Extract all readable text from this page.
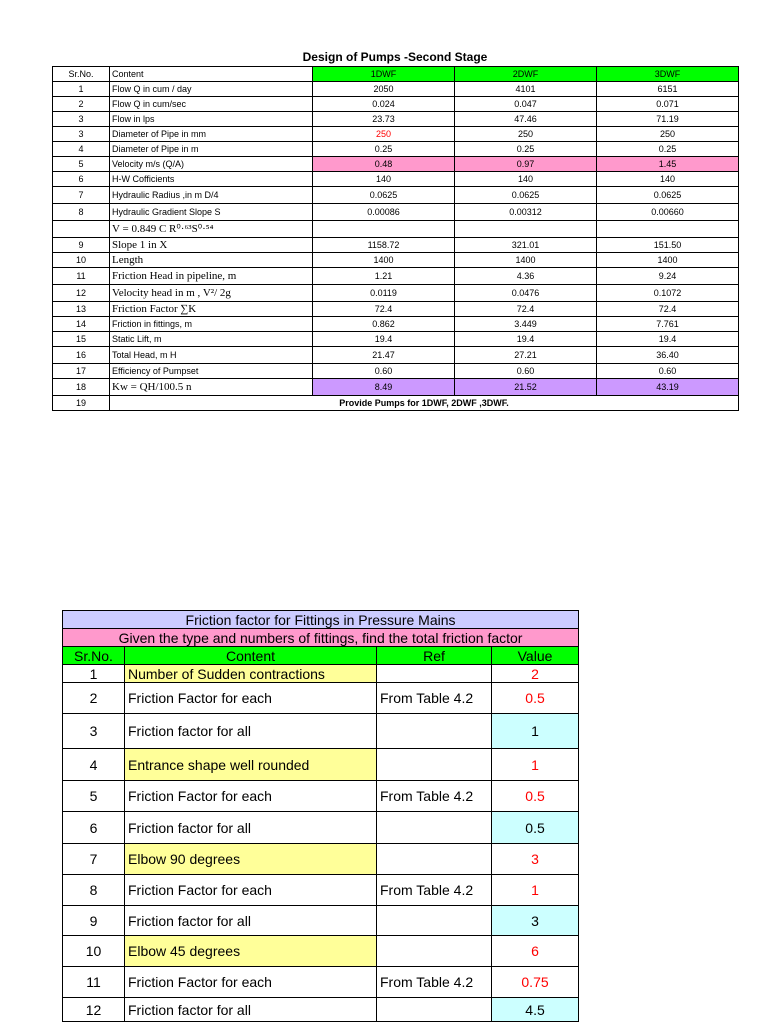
Design of Pumps -Second Stage
Sr.No.	Content	1DWF	2DWF	3DWF
1	Flow Q in cum / day	2050	4101	6151
2	Flow Q in cum/sec	0.024	0.047	0.071
3	Flow in lps	23.73	47.46	71.19
3	Diameter of Pipe in mm	250	250	250
4	Diameter of Pipe in m	0.25	0.25	0.25
5	Velocity m/s (Q/A)	0.48	0.97	1.45
6	H-W Cofficients	140	140	140
7	Hydraulic Radius ,in m D/4	0.0625	0.0625	0.0625
8	Hydraulic Gradient Slope S	0.00086	0.00312	0.00660
	V = 0.849 C R⁰·⁶³S⁰·⁵⁴			
9	Slope 1 in X	1158.72	321.01	151.50
10	Length	1400	1400	1400
11	Friction Head in pipeline, m	1.21	4.36	9.24
12	Velocity head in m , V²/ 2g	0.0119	0.0476	0.1072
13	Friction Factor ∑K	72.4	72.4	72.4
14	Friction in fittings, m	0.862	3.449	7.761
15	Static Lift, m	19.4	19.4	19.4
16	Total Head, m H	21.47	27.21	36.40
17	Efficiency of Pumpset	0.60	0.60	0.60
18	Kw = QH/100.5 n	8.49	21.52	43.19
19	Provide Pumps for 1DWF, 2DWF ,3DWF.			
Friction factor for Fittings in Pressure Mains			
Given the type and numbers of fittings, find the total friction factor			
Sr.No.	Content	Ref	Value
1	Number of Sudden contractions		2
2	Friction Factor for each	From Table 4.2	0.5
3	Friction factor for all		1
4	Entrance shape well rounded		1
5	Friction Factor for each	From Table 4.2	0.5
6	Friction factor for all		0.5
7	Elbow 90 degrees		3
8	Friction Factor for each	From Table 4.2	1
9	Friction factor for all		3
10	Elbow 45 degrees		6
11	Friction Factor for each	From Table 4.2	0.75
12	Friction factor for all		4.5
